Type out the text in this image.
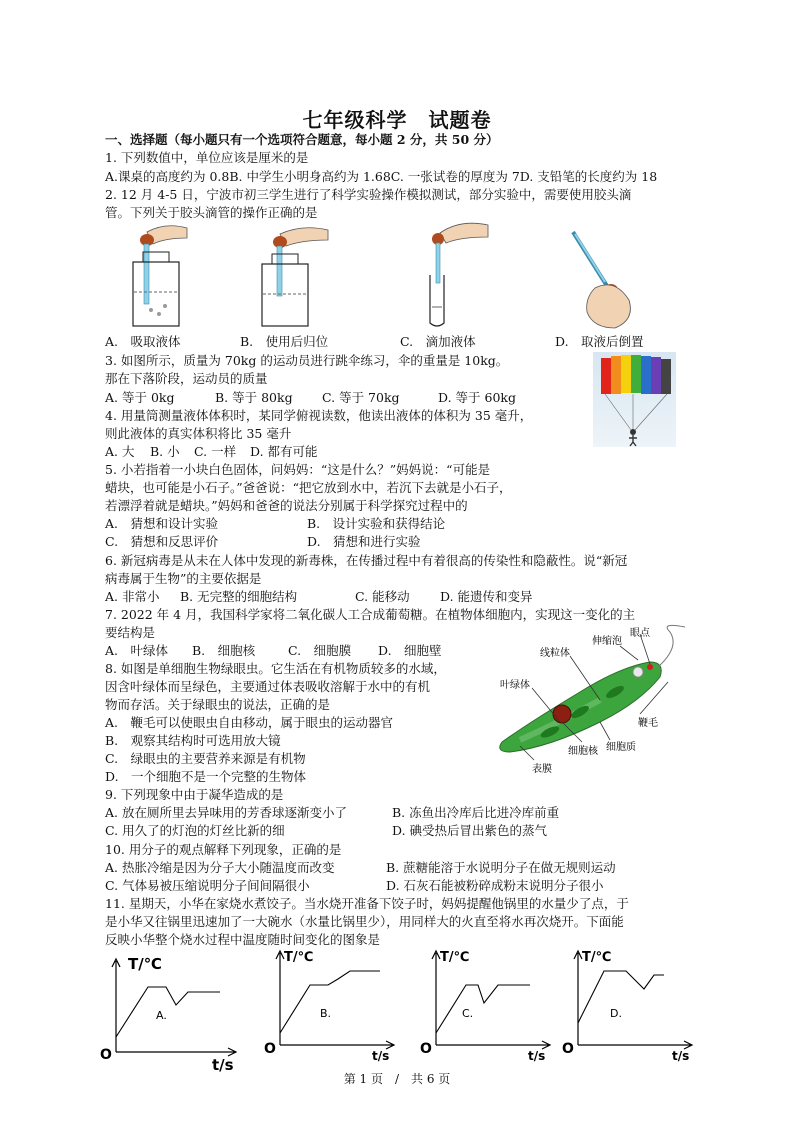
七年级科学　试题卷
一、选择题（每小题只有一个选项符合题意，每小题 2 分，共 50 分）
1. 下列数值中，单位应该是厘米的是
A.课桌的高度约为 0.8B. 中学生小明身高约为 1.68C. 一张试卷的厚度为 7D. 支铅笔的长度约为 18
2. 12 月 4-5 日，宁波市初三学生进行了科学实验操作模拟测试，部分实验中，需要使用胶头滴
管。下列关于胶头滴管的操作正确的是
A.　吸取液体	B.　使用后归位	C.　滴加液体	D.　取液后倒置
3. 如图所示，质量为 70kg 的运动员进行跳伞练习，伞的重量是 10kg。
那在下落阶段，运动员的质量
A. 等于 0kg	B. 等于 80kg C. 等于 70kg	D. 等于 60kg
4. 用量筒测量液体体积时，某同学俯视读数，他读出液体的体积为 35 毫升，
则此液体的真实体积将比 35 毫升
A. 大 B. 小 C. 一样 D. 都有可能
5. 小若指着一小块白色固体，问妈妈：“这是什么？”妈妈说：“可能是
蜡块，也可能是小石子。”爸爸说：“把它放到水中，若沉下去就是小石子，
若漂浮着就是蜡块。”妈妈和爸爸的说法分别属于科学探究过程中的
A.　猜想和设计实验	B.　设计实验和获得结论
C.　猜想和反思评价	D.　猜想和进行实验
6. 新冠病毒是从未在人体中发现的新毒株，在传播过程中有着很高的传染性和隐蔽性。说“新冠
病毒属于生物”的主要依据是
A. 非常小 B. 无完整的细胞结构	C. 能移动 D. 能遗传和变异
7. 2022 年 4 月，我国科学家将二氧化碳人工合成葡萄糖。在植物体细胞内，实现这一变化的主
要结构是
A.　叶绿体 B.　细胞核	C.　细胞膜 D.　细胞壁
8. 如图是单细胞生物绿眼虫。它生活在有机物质较多的水域，
因含叶绿体而呈绿色，主要通过体表吸收溶解于水中的有机
物而存活。关于绿眼虫的说法，正确的是
A.　鞭毛可以使眼虫自由移动，属于眼虫的运动器官
B.　观察其结构时可选用放大镜
C.　绿眼虫的主要营养来源是有机物
D.　一个细胞不是一个完整的生物体
伸缩泡
眼点
线粒体
叶绿体
鞭毛
细胞核 细胞质
表膜
9. 下列现象中由于凝华造成的是
A. 放在厕所里去异味用的芳香球逐渐变小了	B. 冻鱼出冷库后比进冷库前重
C. 用久了的灯泡的灯丝比新的细	D. 碘受热后冒出紫色的蒸气
10. 用分子的观点解释下列现象，正确的是
A. 热胀冷缩是因为分子大小随温度而改变	B. 蔗糖能溶于水说明分子在做无规则运动
C. 气体易被压缩说明分子间间隔很小	D. 石灰石能被粉碎成粉末说明分子很小
11. 星期天，小华在家烧水煮饺子。当水烧开准备下饺子时，妈妈提醒他锅里的水量少了点，于
是小华又往锅里迅速加了一大碗水（水量比锅里少），用同样大的火直至将水再次烧开。下面能
反映小华整个烧水过程中温度随时间变化的图象是
T/℃
t/s
O
A.
T/℃
t/s
O
B.
T/℃
t/s
O
C.
T/℃
t/s
O
D.
第 1 页　/　共 6 页
